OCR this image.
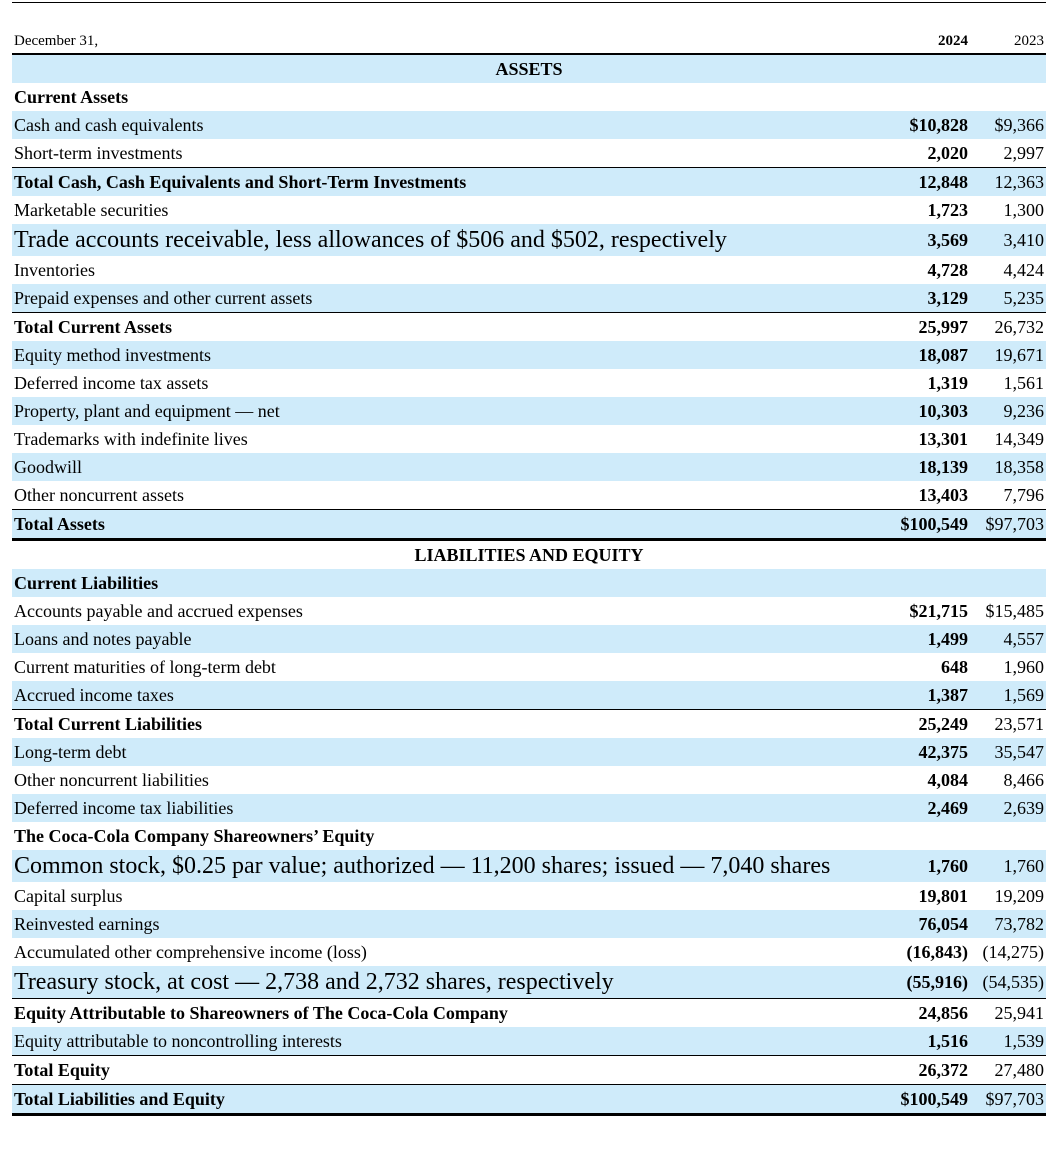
December 31,	2024	2023
ASSETS		
Current Assets		
Cash and cash equivalents	$10,828	$9,366
Short-term investments	2,020	2,997
Total Cash, Cash Equivalents and Short-Term Investments	12,848	12,363
Marketable securities	1,723	1,300
Trade accounts receivable, less allowances of $506 and $502, respectively	3,569	3,410
Inventories	4,728	4,424
Prepaid expenses and other current assets	3,129	5,235
Total Current Assets	25,997	26,732
Equity method investments	18,087	19,671
Deferred income tax assets	1,319	1,561
Property, plant and equipment — net	10,303	9,236
Trademarks with indefinite lives	13,301	14,349
Goodwill	18,139	18,358
Other noncurrent assets	13,403	7,796
Total Assets	$100,549	$97,703
LIABILITIES AND EQUITY		
Current Liabilities		
Accounts payable and accrued expenses	$21,715	$15,485
Loans and notes payable	1,499	4,557
Current maturities of long-term debt	648	1,960
Accrued income taxes	1,387	1,569
Total Current Liabilities	25,249	23,571
Long-term debt	42,375	35,547
Other noncurrent liabilities	4,084	8,466
Deferred income tax liabilities	2,469	2,639
The Coca-Cola Company Shareowners’ Equity		
Common stock, $0.25 par value; authorized — 11,200 shares; issued — 7,040 shares	1,760	1,760
Capital surplus	19,801	19,209
Reinvested earnings	76,054	73,782
Accumulated other comprehensive income (loss)	(16,843)	(14,275)
Treasury stock, at cost — 2,738 and 2,732 shares, respectively	(55,916)	(54,535)
Equity Attributable to Shareowners of The Coca-Cola Company	24,856	25,941
Equity attributable to noncontrolling interests	1,516	1,539
Total Equity	26,372	27,480
Total Liabilities and Equity	$100,549	$97,703
